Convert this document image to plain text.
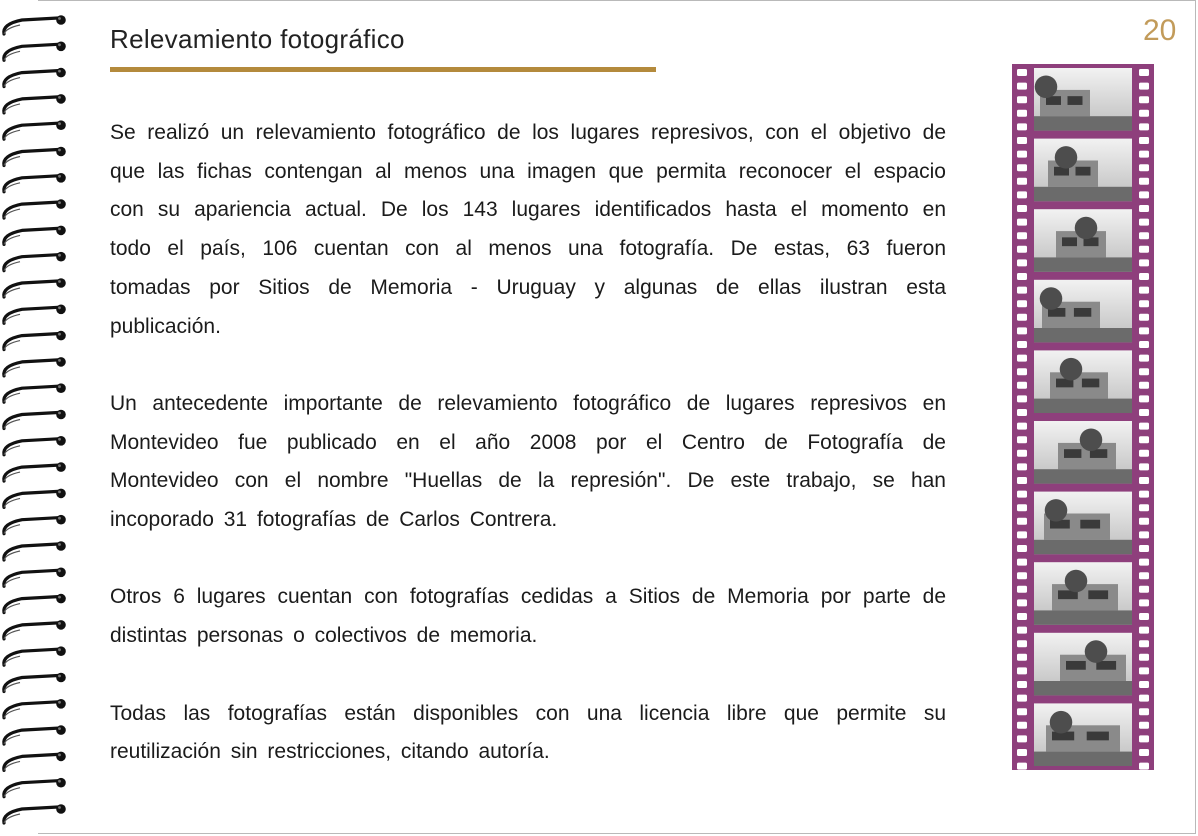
Relevamiento fotográfico	20

Se realizó un relevamiento fotográfico de los lugares represivos, con el objetivo de que las fichas contengan al menos una imagen que permita reconocer el espacio con su apariencia actual. De los 143 lugares identificados hasta el momento en todo el país, 106 cuentan con al menos una fotografía. De estas, 63 fueron tomadas por Sitios de Memoria - Uruguay y algunas de ellas ilustran esta publicación.

Un antecedente importante de relevamiento fotográfico de lugares represivos en Montevideo fue publicado en el año 2008 por el Centro de Fotografía de Montevideo con el nombre "Huellas de la represión". De este trabajo, se han incoporado 31 fotografías de Carlos Contrera.

Otros 6 lugares cuentan con fotografías cedidas a Sitios de Memoria por parte de distintas personas o colectivos de memoria.

Todas las fotografías están disponibles con una licencia libre que permite su reutilización sin restricciones, citando autoría.
